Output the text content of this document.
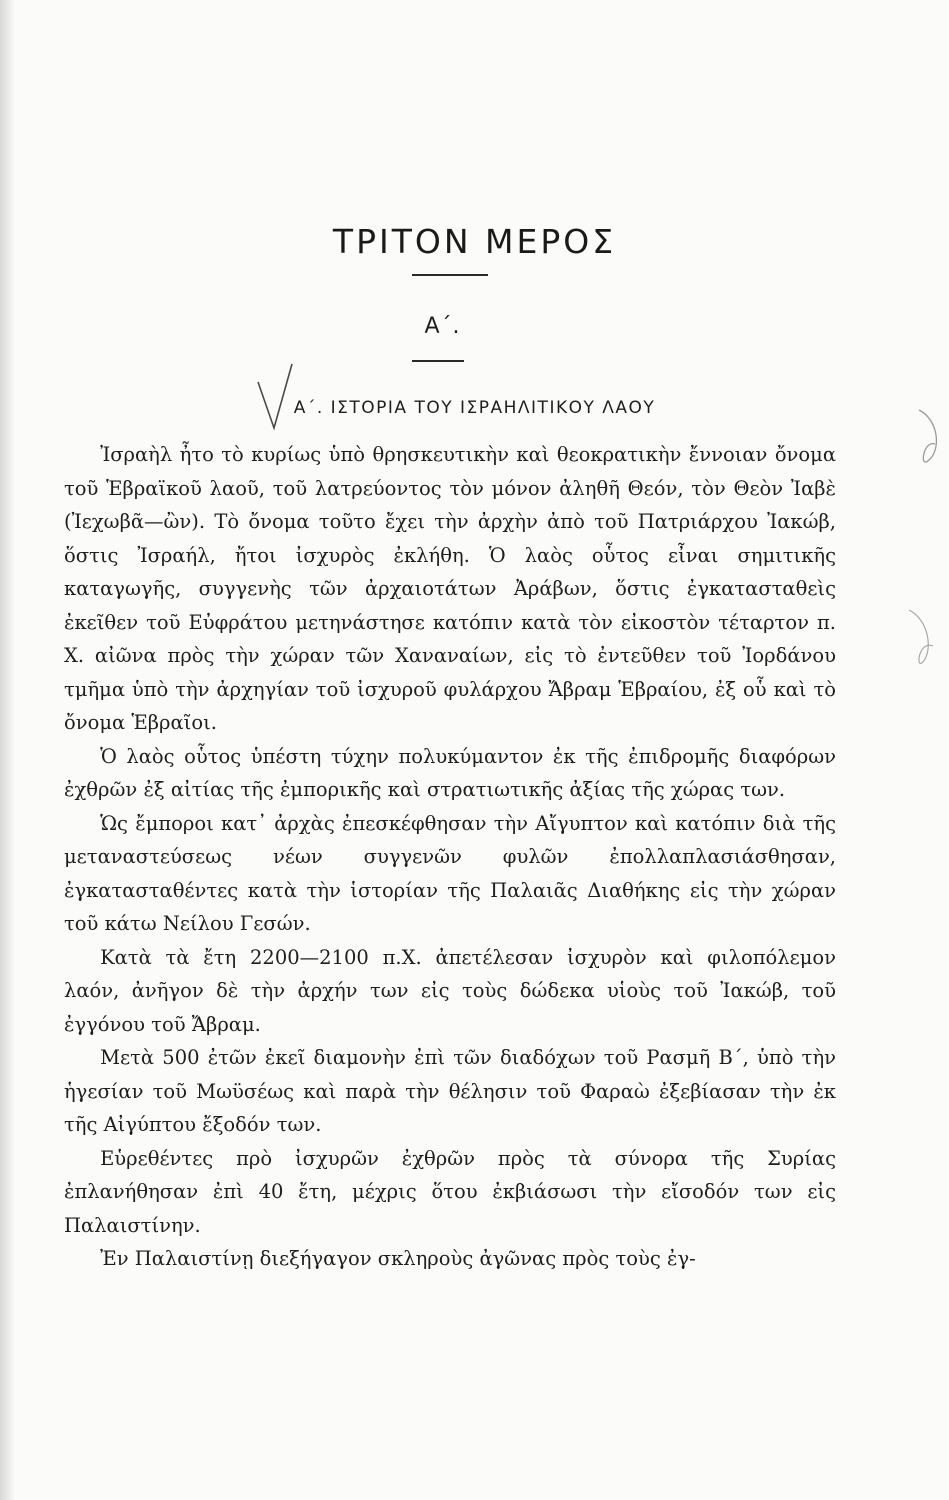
ΤΡΙΤΟΝ ΜΕΡΟΣ
Α΄.
Α΄. ΙΣΤΟΡΙΑ ΤΟΥ ΙΣΡΑΗΛΙΤΙΚΟΥ ΛΑΟΥ

Ἰσραὴλ ἦτο τὸ κυρίως ὑπὸ θρησκευτικὴν καὶ θεοκρατικὴν ἔννοιαν ὄνομα τοῦ Ἑβραϊκοῦ λαοῦ, τοῦ λατρεύοντος τὸν μόνον ἀληθῆ Θεόν, τὸν Θεὸν Ἰαβὲ (Ἰεχωβᾶ—ὢν). Τὸ ὄνομα τοῦτο ἔχει τὴν ἀρχὴν ἀπὸ τοῦ Πατριάρχου Ἰακώβ, ὅστις Ἰσραήλ, ἤτοι ἰσχυρὸς ἐκλήθη. Ὁ λαὸς οὗτος εἶναι σημιτικῆς καταγωγῆς, συγγενὴς τῶν ἀρχαιοτάτων Ἀράβων, ὅστις ἐγκατασταθεὶς ἐκεῖθεν τοῦ Εὐφράτου μετηνάστησε κατόπιν κατὰ τὸν εἰκοστὸν τέταρτον π. Χ. αἰῶνα πρὸς τὴν χώραν τῶν Χαναναίων, εἰς τὸ ἐντεῦθεν τοῦ Ἰορδάνου τμῆμα ὑπὸ τὴν ἀρχηγίαν τοῦ ἰσχυροῦ φυλάρχου Ἄβραμ Ἑβραίου, ἐξ οὗ καὶ τὸ ὄνομα Ἑβραῖοι.

Ὁ λαὸς οὗτος ὑπέστη τύχην πολυκύμαντον ἐκ τῆς ἐπιδρομῆς διαφόρων ἐχθρῶν ἐξ αἰτίας τῆς ἐμπορικῆς καὶ στρατιωτικῆς ἀξίας τῆς χώρας των.

Ὡς ἔμποροι κατ᾽ ἀρχὰς ἐπεσκέφθησαν τὴν Αἴγυπτον καὶ κατόπιν διὰ τῆς μεταναστεύσεως νέων συγγενῶν φυλῶν ἐπολλαπλασιάσθησαν, ἐγκατασταθέντες κατὰ τὴν ἱστορίαν τῆς Παλαιᾶς Διαθήκης εἰς τὴν χώραν τοῦ κάτω Νείλου Γεσών.

Κατὰ τὰ ἔτη 2200—2100 π.Χ. ἀπετέλεσαν ἰσχυρὸν καὶ φιλοπόλεμον λαόν, ἀνῆγον δὲ τὴν ἀρχήν των εἰς τοὺς δώδεκα υἱοὺς τοῦ Ἰακώβ, τοῦ ἐγγόνου τοῦ Ἄβραμ.

Μετὰ 500 ἐτῶν ἐκεῖ διαμονὴν ἐπὶ τῶν διαδόχων τοῦ Ρασμῆ Β΄, ὑπὸ τὴν ἡγεσίαν τοῦ Μωϋσέως καὶ παρὰ τὴν θέλησιν τοῦ Φαραὼ ἐξεβίασαν τὴν ἐκ τῆς Αἰγύπτου ἔξοδόν των.

Εὑρεθέντες πρὸ ἰσχυρῶν ἐχθρῶν πρὸς τὰ σύνορα τῆς Συρίας ἐπλανήθησαν ἐπὶ 40 ἔτη, μέχρις ὅτου ἐκβιάσωσι τὴν εἴσοδόν των εἰς Παλαιστίνην.

Ἐν Παλαιστίνῃ διεξήγαγον σκληροὺς ἀγῶνας πρὸς τοὺς ἐγ-
